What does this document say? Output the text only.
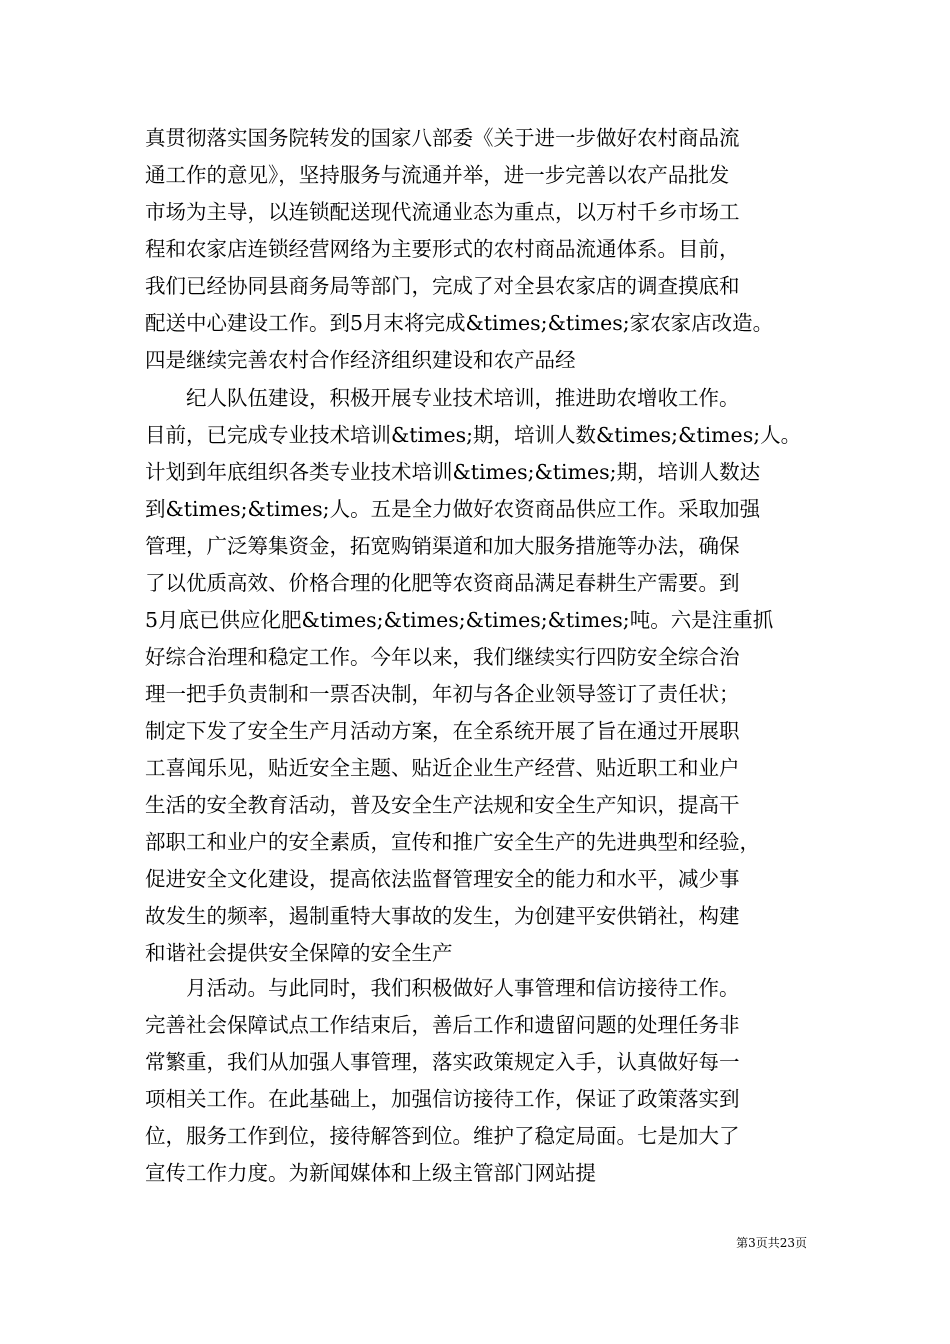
真贯彻落实国务院转发的国家八部委《关于进一步做好农村商品流
通工作的意见》，坚持服务与流通并举，进一步完善以农产品批发
市场为主导，以连锁配送现代流通业态为重点，以万村千乡市场工
程和农家店连锁经营网络为主要形式的农村商品流通体系。目前，
我们已经协同县商务局等部门，完成了对全县农家店的调查摸底和
配送中心建设工作。到5月末将完成&times;&times;家农家店改造。
四是继续完善农村合作经济组织建设和农产品经
纪人队伍建设，积极开展专业技术培训，推进助农增收工作。
目前，已完成专业技术培训&times;期，培训人数&times;&times;人。
计划到年底组织各类专业技术培训&times;&times;期，培训人数达
到&times;&times;人。五是全力做好农资商品供应工作。采取加强
管理，广泛筹集资金，拓宽购销渠道和加大服务措施等办法，确保
了以优质高效、价格合理的化肥等农资商品满足春耕生产需要。到
5月底已供应化肥&times;&times;&times;&times;吨。六是注重抓
好综合治理和稳定工作。今年以来，我们继续实行四防安全综合治
理一把手负责制和一票否决制，年初与各企业领导签订了责任状；
制定下发了安全生产月活动方案，在全系统开展了旨在通过开展职
工喜闻乐见，贴近安全主题、贴近企业生产经营、贴近职工和业户
生活的安全教育活动，普及安全生产法规和安全生产知识，提高干
部职工和业户的安全素质，宣传和推广安全生产的先进典型和经验，
促进安全文化建设，提高依法监督管理安全的能力和水平，减少事
故发生的频率，遏制重特大事故的发生，为创建平安供销社，构建
和谐社会提供安全保障的安全生产
月活动。与此同时，我们积极做好人事管理和信访接待工作。
完善社会保障试点工作结束后，善后工作和遗留问题的处理任务非
常繁重，我们从加强人事管理，落实政策规定入手，认真做好每一
项相关工作。在此基础上，加强信访接待工作，保证了政策落实到
位，服务工作到位，接待解答到位。维护了稳定局面。七是加大了
宣传工作力度。为新闻媒体和上级主管部门网站提
第3页共23页
